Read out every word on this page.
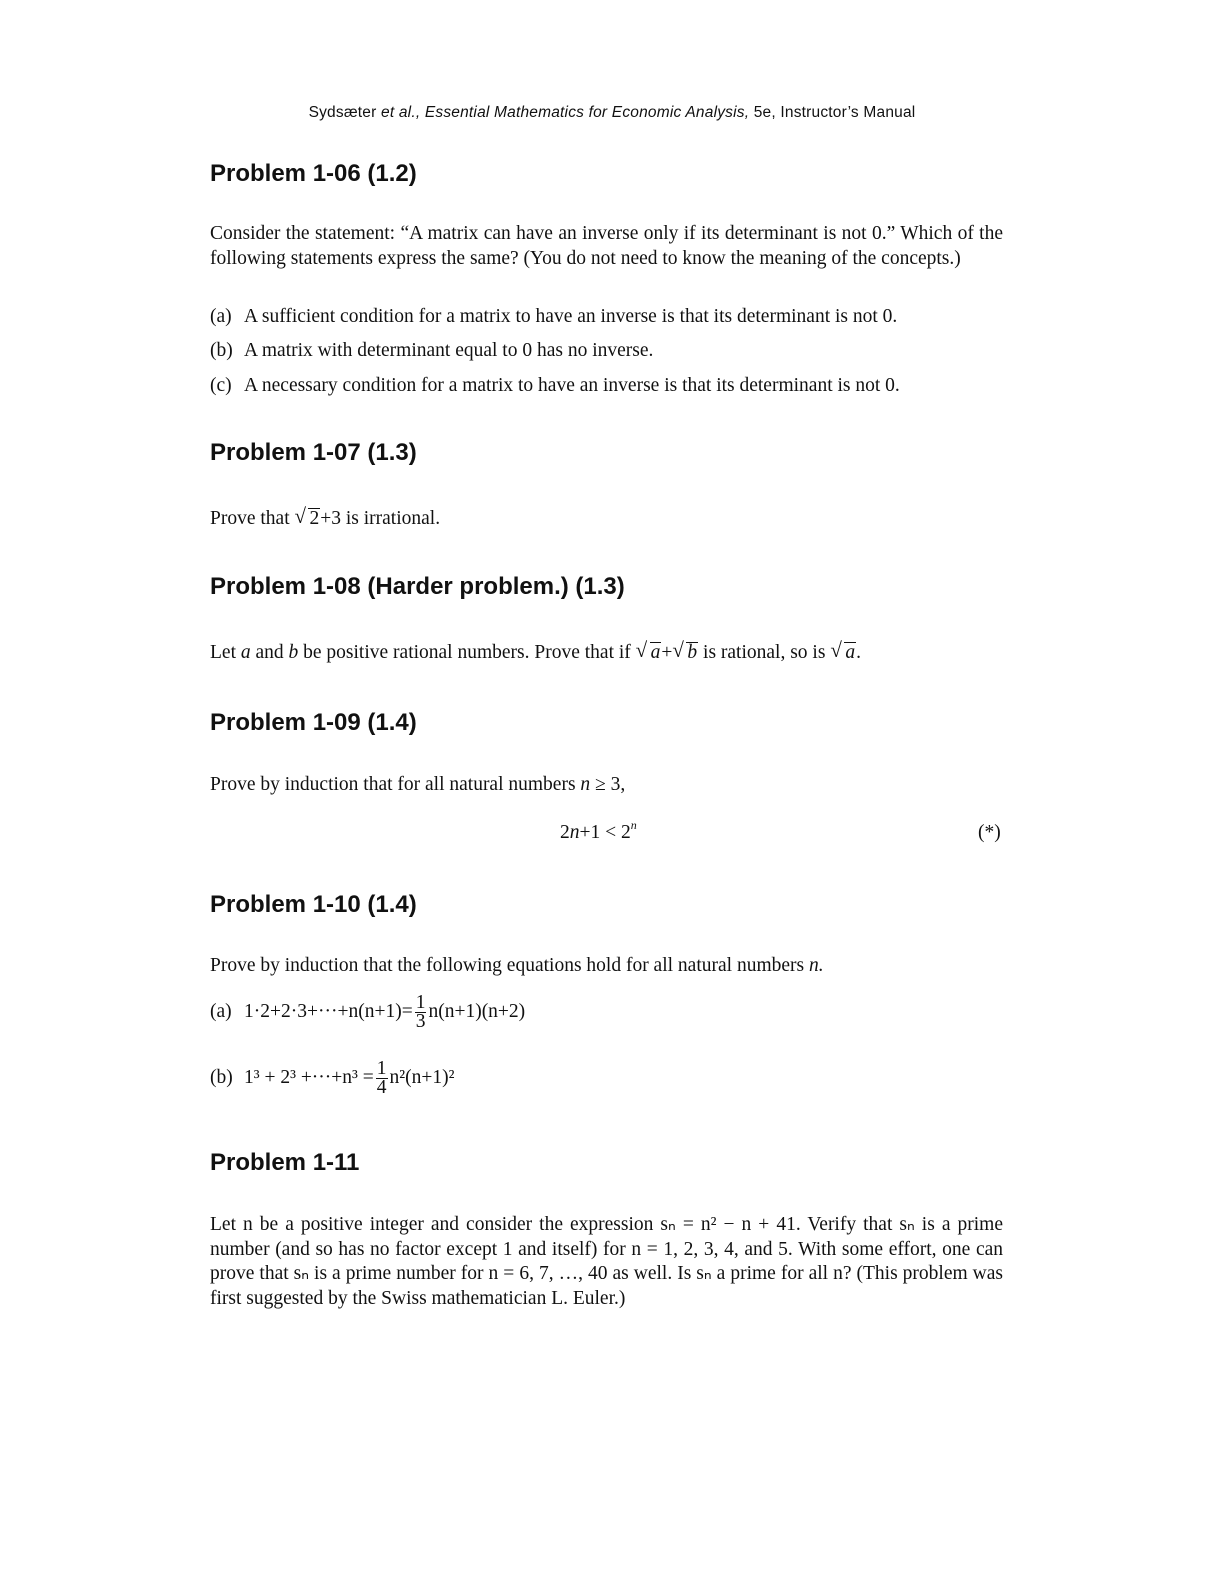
Sydsæter et al., Essential Mathematics for Economic Analysis, 5e, Instructor’s Manual
Problem 1-06 (1.2)
Consider the statement: “A matrix can have an inverse only if its determinant is not 0.” Which of the following statements express the same? (You do not need to know the meaning of the concepts.)
(a) A sufficient condition for a matrix to have an inverse is that its determinant is not 0.
(b) A matrix with determinant equal to 0 has no inverse.
(c) A necessary condition for a matrix to have an inverse is that its determinant is not 0.
Problem 1-07 (1.3)
Prove that √ 2+3 is irrational.
Problem 1-08 (Harder problem.) (1.3)
Let a and b be positive rational numbers. Prove that if √ a+ √ b is rational, so is √ a.
Problem 1-09 (1.4)
Prove by induction that for all natural numbers n ≥ 3,
$2n+1 < 2^n$	(*)
Problem 1-10 (1.4)
Prove by induction that the following equations hold for all natural numbers n.
(a) $1\cdot 2+2\cdot 3+\cdot\cdot\cdot+n(n+1)= \frac{1}{3} n(n+1)(n+2)$
(b) $1^3 + 2^3 +\cdot\cdot\cdot+n^3 = \frac{1}{4} n^2(n+1)^2$
Problem 1-11
Let n be a positive integer and consider the expression sₙ = n² − n + 41. Verify that sₙ is a prime number (and so has no factor except 1 and itself) for n = 1, 2, 3, 4, and 5. With some effort, one can prove that sₙ is a prime number for n = 6, 7, …, 40 as well. Is sₙ a prime for all n? (This problem was first suggested by the Swiss mathematician L. Euler.)
